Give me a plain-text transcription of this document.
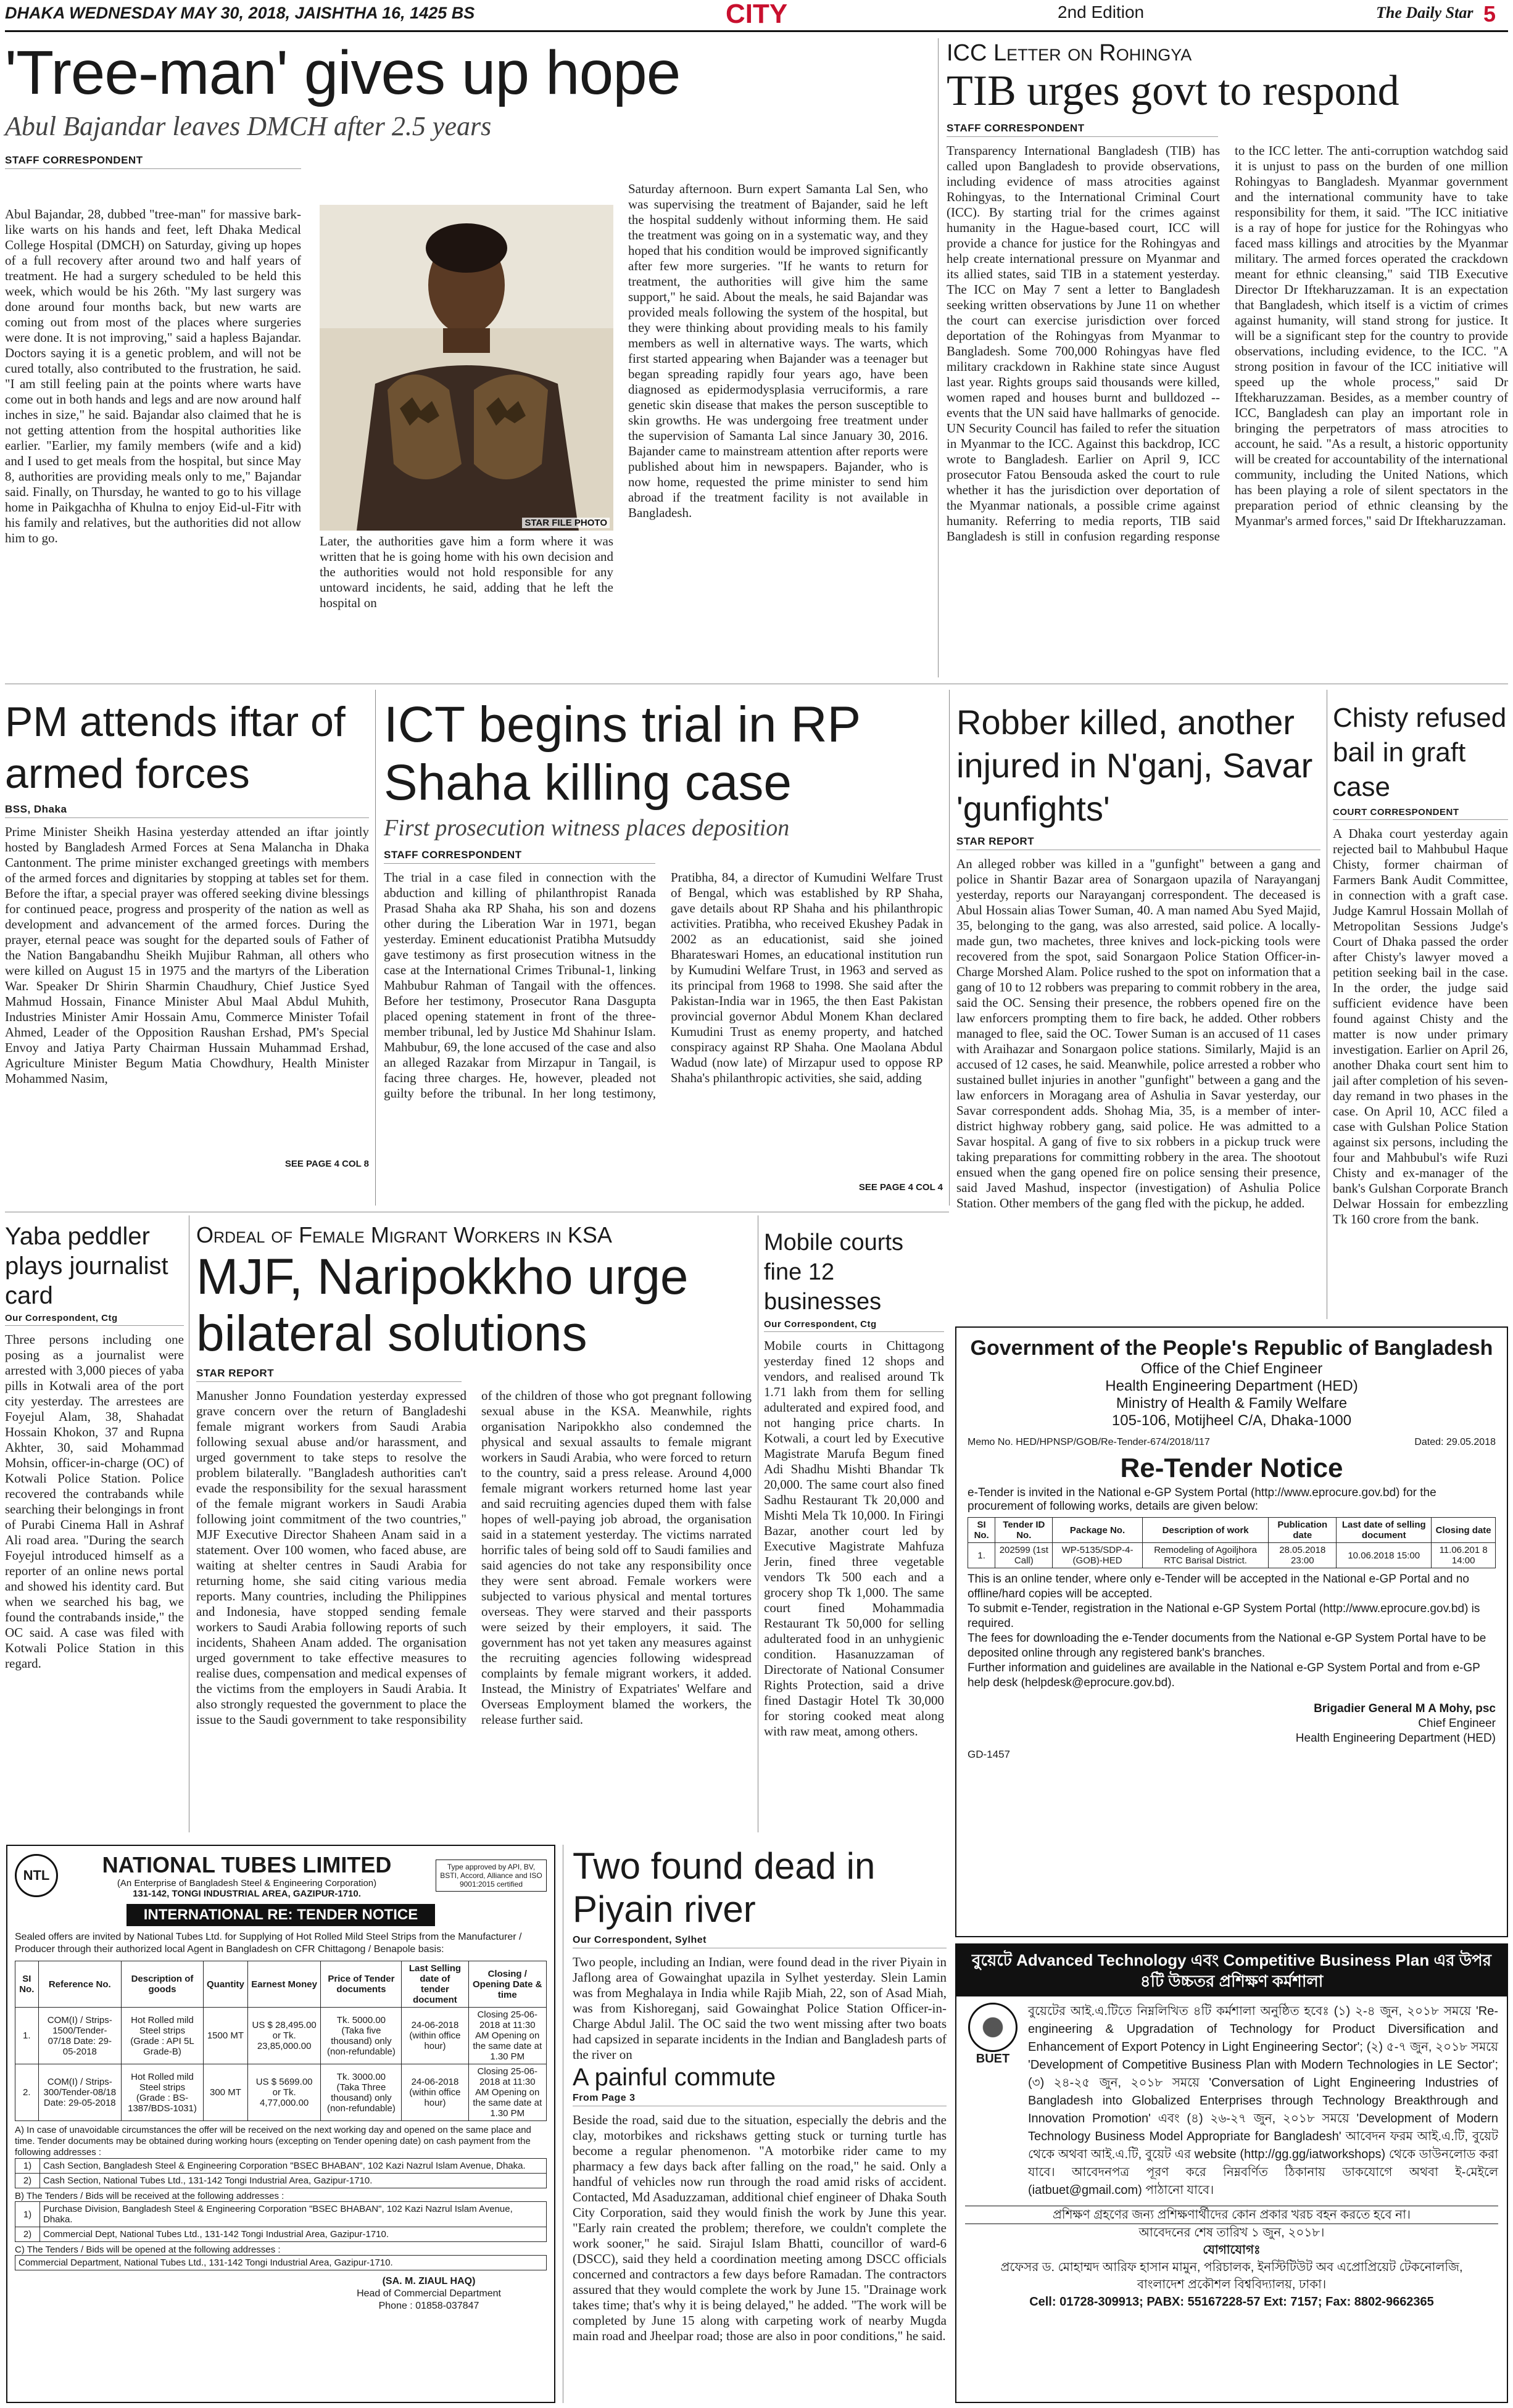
DHAKA WEDNESDAY MAY 30, 2018, JAISHTHA 16, 1425 BS	CITY	2nd Edition	The Daily Star 5
'Tree-man' gives up hope
Abul Bajandar leaves DMCH after 2.5 years
STAFF CORRESPONDENT
Abul Bajandar, 28, dubbed "tree-man" for massive bark-like warts on his hands and feet, left Dhaka Medical College Hospital (DMCH) on Saturday, giving up hopes of a full recovery after around two and half years of treatment. He had a surgery scheduled to be held this week, which would be his 26th. "My last surgery was done around four months back, but new warts are coming out from most of the places where surgeries were done. It is not improving," said a hapless Bajandar. Doctors saying it is a genetic problem, and will not be cured totally, also contributed to the frustration, he said. "I am still feeling pain at the points where warts have come out in both hands and legs and are now around half inches in size," he said. Bajandar also claimed that he is not getting attention from the hospital authorities like earlier. "Earlier, my family members (wife and a kid) and I used to get meals from the hospital, but since May 8, authorities are providing meals only to me," Bajandar said. Finally, on Thursday, he wanted to go to his village home in Paikgachha of Khulna to enjoy Eid-ul-Fitr with his family and relatives, but the authorities did not allow him to go.
STAR FILE PHOTO
Later, the authorities gave him a form where it was written that he is going home with his own decision and the authorities would not hold responsible for any untoward incidents, he said, adding that he left the hospital on
Saturday afternoon. Burn expert Samanta Lal Sen, who was supervising the treatment of Bajander, said he left the hospital suddenly without informing them. He said the treatment was going on in a systematic way, and they hoped that his condition would be improved significantly after few more surgeries. "If he wants to return for treatment, the authorities will give him the same support," he said. About the meals, he said Bajandar was provided meals following the system of the hospital, but they were thinking about providing meals to his family members as well in alternative ways. The warts, which first started appearing when Bajander was a teenager but began spreading rapidly four years ago, have been diagnosed as epidermodysplasia verruciformis, a rare genetic skin disease that makes the person susceptible to skin growths. He was undergoing free treatment under the supervision of Samanta Lal since January 30, 2016. Bajander came to mainstream attention after reports were published about him in newspapers. Bajander, who is now home, requested the prime minister to send him abroad if the treatment facility is not available in Bangladesh.
ICC Letter on Rohingya
TIB urges govt to respond
STAFF CORRESPONDENT
Transparency International Bangladesh (TIB) has called upon Bangladesh to provide observations, including evidence of mass atrocities against Rohingyas, to the International Criminal Court (ICC). By starting trial for the crimes against humanity in the Hague-based court, ICC will provide a chance for justice for the Rohingyas and help create international pressure on Myanmar and its allied states, said TIB in a statement yesterday. The ICC on May 7 sent a letter to Bangladesh seeking written observations by June 11 on whether the court can exercise jurisdiction over forced deportation of the Rohingyas from Myanmar to Bangladesh. Some 700,000 Rohingyas have fled military crackdown in Rakhine state since August last year. Rights groups said thousands were killed, women raped and houses burnt and bulldozed -- events that the UN said have hallmarks of genocide. UN Security Council has failed to refer the situation in Myanmar to the ICC. Against this backdrop, ICC wrote to Bangladesh. Earlier on April 9, ICC prosecutor Fatou Bensouda asked the court to rule whether it has the jurisdiction over deportation of the Myanmar nationals, a possible crime against humanity. Referring to media reports, TIB said Bangladesh is still in confusion regarding response to the ICC letter. The anti-corruption watchdog said it is unjust to pass on the burden of one million Rohingyas to Bangladesh. Myanmar government and the international community have to take responsibility for them, it said. "The ICC initiative is a ray of hope for justice for the Rohingyas who faced mass killings and atrocities by the Myanmar military. The armed forces operated the crackdown meant for ethnic cleansing," said TIB Executive Director Dr Iftekharuzzaman. It is an expectation that Bangladesh, which itself is a victim of crimes against humanity, will stand strong for justice. It will be a significant step for the country to provide observations, including evidence, to the ICC. "A strong position in favour of the ICC initiative will speed up the whole process," said Dr Iftekharuzzaman. Besides, as a member country of ICC, Bangladesh can play an important role in bringing the perpetrators of mass atrocities to account, he said. "As a result, a historic opportunity will be created for accountability of the international community, including the United Nations, which has been playing a role of silent spectators in the preparation period of ethnic cleansing by the Myanmar's armed forces," said Dr Iftekharuzzaman.
PM attends iftar of armed forces
BSS, Dhaka
Prime Minister Sheikh Hasina yesterday attended an iftar jointly hosted by Bangladesh Armed Forces at Sena Malancha in Dhaka Cantonment. The prime minister exchanged greetings with members of the armed forces and dignitaries by stopping at tables set for them. Before the iftar, a special prayer was offered seeking divine blessings for continued peace, progress and prosperity of the nation as well as development and advancement of the armed forces. During the prayer, eternal peace was sought for the departed souls of Father of the Nation Bangabandhu Sheikh Mujibur Rahman, all others who were killed on August 15 in 1975 and the martyrs of the Liberation War. Speaker Dr Shirin Sharmin Chaudhury, Chief Justice Syed Mahmud Hossain, Finance Minister Abul Maal Abdul Muhith, Industries Minister Amir Hossain Amu, Commerce Minister Tofail Ahmed, Leader of the Opposition Raushan Ershad, PM's Special Envoy and Jatiya Party Chairman Hussain Muhammad Ershad, Agriculture Minister Begum Matia Chowdhury, Health Minister Mohammed Nasim,
SEE PAGE 4 COL 8
ICT begins trial in RP Shaha killing case
First prosecution witness places deposition
STAFF CORRESPONDENT
The trial in a case filed in connection with the abduction and killing of philanthropist Ranada Prasad Shaha aka RP Shaha, his son and dozens other during the Liberation War in 1971, began yesterday. Eminent educationist Pratibha Mutsuddy gave testimony as first prosecution witness in the case at the International Crimes Tribunal-1, linking Mahbubur Rahman of Tangail with the offences. Before her testimony, Prosecutor Rana Dasgupta placed opening statement in front of the three-member tribunal, led by Justice Md Shahinur Islam. Mahbubur, 69, the lone accused of the case and also an alleged Razakar from Mirzapur in Tangail, is facing three charges. He, however, pleaded not guilty before the tribunal. In her long testimony, Pratibha, 84, a director of Kumudini Welfare Trust of Bengal, which was established by RP Shaha, gave details about RP Shaha and his philanthropic activities. Pratibha, who received Ekushey Padak in 2002 as an educationist, said she joined Bharateswari Homes, an educational institution run by Kumudini Welfare Trust, in 1963 and served as its principal from 1968 to 1998. She said after the Pakistan-India war in 1965, the then East Pakistan provincial governor Abdul Monem Khan declared Kumudini Trust as enemy property, and hatched conspiracy against RP Shaha. One Maolana Abdul Wadud (now late) of Mirzapur used to oppose RP Shaha's philanthropic activities, she said, adding
SEE PAGE 4 COL 4
Robber killed, another injured in N'ganj, Savar 'gunfights'
STAR REPORT
An alleged robber was killed in a "gunfight" between a gang and police in Shantir Bazar area of Sonargaon upazila of Narayanganj yesterday, reports our Narayanganj correspondent. The deceased is Abul Hossain alias Tower Suman, 40. A man named Abu Syed Majid, 35, belonging to the gang, was also arrested, said police. A locally-made gun, two machetes, three knives and lock-picking tools were recovered from the spot, said Sonargaon Police Station Officer-in-Charge Morshed Alam. Police rushed to the spot on information that a gang of 10 to 12 robbers was preparing to commit robbery in the area, said the OC. Sensing their presence, the robbers opened fire on the law enforcers prompting them to fire back, he added. Other robbers managed to flee, said the OC. Tower Suman is an accused of 11 cases with Araihazar and Sonargaon police stations. Similarly, Majid is an accused of 12 cases, he said. Meanwhile, police arrested a robber who sustained bullet injuries in another "gunfight" between a gang and the law enforcers in Moragang area of Ashulia in Savar yesterday, our Savar correspondent adds. Shohag Mia, 35, is a member of inter-district highway robbery gang, said police. He was admitted to a Savar hospital. A gang of five to six robbers in a pickup truck were taking preparations for committing robbery in the area. The shootout ensued when the gang opened fire on police sensing their presence, said Javed Mashud, inspector (investigation) of Ashulia Police Station. Other members of the gang fled with the pickup, he added.
Chisty refused bail in graft case
COURT CORRESPONDENT
A Dhaka court yesterday again rejected bail to Mahbubul Haque Chisty, former chairman of Farmers Bank Audit Committee, in connection with a graft case. Judge Kamrul Hossain Mollah of Metropolitan Sessions Judge's Court of Dhaka passed the order after Chisty's lawyer moved a petition seeking bail in the case. In the order, the judge said sufficient evidence have been found against Chisty and the matter is now under primary investigation. Earlier on April 26, another Dhaka court sent him to jail after completion of his seven-day remand in two phases in the case. On April 10, ACC filed a case with Gulshan Police Station against six persons, including the four and Mahbubul's wife Ruzi Chisty and ex-manager of the bank's Gulshan Corporate Branch Delwar Hossain for embezzling Tk 160 crore from the bank.
Yaba peddler plays journalist card
Our Correspondent, Ctg
Three persons including one posing as a journalist were arrested with 3,000 pieces of yaba pills in Kotwali area of the port city yesterday. The arrestees are Foyejul Alam, 38, Shahadat Hossain Khokon, 37 and Rupna Akhter, 30, said Mohammad Mohsin, officer-in-charge (OC) of Kotwali Police Station. Police recovered the contrabands while searching their belongings in front of Purabi Cinema Hall in Ashraf Ali road area. "During the search Foyejul introduced himself as a reporter of an online news portal and showed his identity card. But when we searched his bag, we found the contrabands inside," the OC said. A case was filed with Kotwali Police Station in this regard.
Ordeal of Female Migrant Workers in KSA
MJF, Naripokkho urge bilateral solutions
STAR REPORT
Manusher Jonno Foundation yesterday expressed grave concern over the return of Bangladeshi female migrant workers from Saudi Arabia following sexual abuse and/or harassment, and urged government to take steps to resolve the problem bilaterally. "Bangladesh authorities can't evade the responsibility for the sexual harassment of the female migrant workers in Saudi Arabia following joint commitment of the two countries," MJF Executive Director Shaheen Anam said in a statement. Over 100 women, who faced abuse, are waiting at shelter centres in Saudi Arabia for returning home, she said citing various media reports. Many countries, including the Philippines and Indonesia, have stopped sending female workers to Saudi Arabia following reports of such incidents, Shaheen Anam added. The organisation urged government to take effective measures to realise dues, compensation and medical expenses of the victims from the employers in Saudi Arabia. It also strongly requested the government to place the issue to the Saudi government to take responsibility of the children of those who got pregnant following sexual abuse in the KSA. Meanwhile, rights organisation Naripokkho also condemned the physical and sexual assaults to female migrant workers in Saudi Arabia, who were forced to return to the country, said a press release. Around 4,000 female migrant workers returned home last year and said recruiting agencies duped them with false hopes of well-paying job abroad, the organisation said in a statement yesterday. The victims narrated horrific tales of being sold off to Saudi families and said agencies do not take any responsibility once they were sent abroad. Female workers were subjected to various physical and mental tortures overseas. They were starved and their passports were seized by their employers, it said. The government has not yet taken any measures against the recruiting agencies following widespread complaints by female migrant workers, it added. Instead, the Ministry of Expatriates' Welfare and Overseas Employment blamed the workers, the release further said.
Mobile courts fine 12 businesses
Our Correspondent, Ctg
Mobile courts in Chittagong yesterday fined 12 shops and vendors, and realised around Tk 1.71 lakh from them for selling adulterated and expired food, and not hanging price charts. In Kotwali, a court led by Executive Magistrate Marufa Begum fined Adi Shadhu Mishti Bhandar Tk 20,000. The same court also fined Sadhu Restaurant Tk 20,000 and Mishti Mela Tk 10,000. In Firingi Bazar, another court led by Executive Magistrate Mahfuza Jerin, fined three vegetable vendors Tk 500 each and a grocery shop Tk 1,000. The same court fined Mohammadia Restaurant Tk 50,000 for selling adulterated food in an unhygienic condition. Hasanuzzaman of Directorate of National Consumer Rights Protection, said a drive fined Dastagir Hotel Tk 30,000 for storing cooked meat along with raw meat, among others.
Government of the People's Republic of Bangladesh
Office of the Chief Engineer
Health Engineering Department (HED)
Ministry of Health & Family Welfare
105-106, Motijheel C/A, Dhaka-1000
Memo No. HED/HPNSP/GOB/Re-Tender-674/2018/117	Dated: 29.05.2018
Re-Tender Notice
e-Tender is invited in the National e-GP System Portal (http://www.eprocure.gov.bd) for the procurement of following works, details are given below:
SI No.	Tender ID No.	Package No.	Description of work	Publication date	Last date of selling document	Closing date
1.	202599 (1st Call)	WP-5135/SDP-4-(GOB)-HED	Remodeling of Agoiljhora RTC Barisal District.	28.05.2018 23:00	10.06.2018 15:00	11.06.201 8 14:00
This is an online tender, where only e-Tender will be accepted in the National e-GP Portal and no offline/hard copies will be accepted.
To submit e-Tender, registration in the National e-GP System Portal (http://www.eprocure.gov.bd) is required.
The fees for downloading the e-Tender documents from the National e-GP System Portal have to be deposited online through any registered bank's branches.
Further information and guidelines are available in the National e-GP System Portal and from e-GP help desk (helpdesk@eprocure.gov.bd).
Brigadier General M A Mohy, psc
Chief Engineer
Health Engineering Department (HED)
GD-1457
NTL	NATIONAL TUBES LIMITED
(An Enterprise of Bangladesh Steel & Engineering Corporation)
131-142, TONGI INDUSTRIAL AREA, GAZIPUR-1710.
Type approved by API, BV, BSTI, Accord, Alliance and ISO 9001:2015 certified
INTERNATIONAL RE: TENDER NOTICE
Sealed offers are invited by National Tubes Ltd. for Supplying of Hot Rolled Mild Steel Strips from the Manufacturer / Producer through their authorized local Agent in Bangladesh on CFR Chittagong / Benapole basis:
SI No.	Reference No.	Description of goods	Quantity	Earnest Money	Price of Tender documents	Last Selling date of tender document	Closing / Opening Date & time
1.	COM(I) / Strips-1500/Tender-07/18 Date: 29-05-2018	Hot Rolled mild Steel strips (Grade : API 5L Grade-B)	1500 MT	US $ 28,495.00 or Tk. 23,85,000.00	Tk. 5000.00 (Taka five thousand) only (non-refundable)	24-06-2018 (within office hour)	Closing 25-06-2018 at 11:30 AM Opening on the same date at 1.30 PM
2.	COM(I) / Strips-300/Tender-08/18 Date: 29-05-2018	Hot Rolled mild Steel strips (Grade : BS-1387/BDS-1031)	300 MT	US $ 5699.00 or Tk. 4,77,000.00	Tk. 3000.00 (Taka Three thousand) only (non-refundable)	24-06-2018 (within office hour)	Closing 25-06-2018 at 11:30 AM Opening on the same date at 1.30 PM
A) In case of unavoidable circumstances the offer will be received on the next working day and opened on the same place and time. Tender documents may be obtained during working hours (excepting on Tender opening date) on cash payment from the following addresses :
1)	Cash Section, Bangladesh Steel & Engineering Corporation "BSEC BHABAN", 102 Kazi Nazrul Islam Avenue, Dhaka.
2)	Cash Section, National Tubes Ltd., 131-142 Tongi Industrial Area, Gazipur-1710.
B) The Tenders / Bids will be received at the following addresses :
1)	Purchase Division, Bangladesh Steel & Engineering Corporation "BSEC BHABAN", 102 Kazi Nazrul Islam Avenue, Dhaka.
2)	Commercial Dept, National Tubes Ltd., 131-142 Tongi Industrial Area, Gazipur-1710.
C) The Tenders / Bids will be opened at the following addresses :
Commercial Department, National Tubes Ltd., 131-142 Tongi Industrial Area, Gazipur-1710.
(SA. M. ZIAUL HAQ)
Head of Commercial Department
Phone : 01858-037847
Two found dead in Piyain river
Our Correspondent, Sylhet
Two people, including an Indian, were found dead in the river Piyain in Jaflong area of Gowainghat upazila in Sylhet yesterday. Slein Lamin was from Meghalaya in India while Rajib Miah, 22, son of Asad Miah, was from Kishoreganj, said Gowainghat Police Station Officer-in-Charge Abdul Jalil. The OC said the two went missing after two boats had capsized in separate incidents in the Indian and Bangladesh parts of the river on
A painful commute
From Page 3
Beside the road, said due to the situation, especially the debris and the clay, motorbikes and rickshaws getting stuck or turning turtle has become a regular phenomenon. "A motorbike rider came to my pharmacy a few days back after falling on the road," he said. Only a handful of vehicles now run through the road amid risks of accident. Contacted, Md Asaduzzaman, additional chief engineer of Dhaka South City Corporation, said they would finish the work by June this year. "Early rain created the problem; therefore, we couldn't complete the work sooner," he said. Sirajul Islam Bhatti, councillor of ward-6 (DSCC), said they held a coordination meeting among DSCC officials concerned and contractors a few days before Ramadan. The contractors assured that they would complete the work by June 15. "Drainage work takes time; that's why it is being delayed," he added. "The work will be completed by June 15 along with carpeting work of nearby Mugda main road and Jheelpar road; those are also in poor conditions," he said.
বুয়েটে Advanced Technology এবং Competitive Business Plan এর উপর ৪টি উচ্চতর প্রশিক্ষণ কর্মশালা
BUET
বুয়েটের আই.এ.টিতে নিম্নলিখিত ৪টি কর্মশালা অনুষ্ঠিত হবেঃ (১) ২-৪ জুন, ২০১৮ সময়ে 'Re-engineering & Upgradation of Technology for Product Diversification and Enhancement of Export Potency in Light Engineering Sector'; (২) ৫-৭ জুন, ২০১৮ সময়ে 'Development of Competitive Business Plan with Modern Technologies in LE Sector'; (৩) ২৪-২৫ জুন, ২০১৮ সময়ে 'Conversation of Light Engineering Industries of Bangladesh into Globalized Enterprises through Technology Breakthrough and Innovation Promotion' এবং (৪) ২৬-২৭ জুন, ২০১৮ সময়ে 'Development of Modern Technology Business Model Appropriate for Bangladesh' আবেদন ফরম আই.এ.টি, বুয়েট থেকে অথবা আই.এ.টি, বুয়েট এর website (http://gg.gg/iatworkshops) থেকে ডাউনলোড করা যাবে। আবেদনপত্র পূরণ করে নিম্নবর্ণিত ঠিকানায় ডাকযোগে অথবা ই-মেইলে (iatbuet@gmail.com) পাঠানো যাবে।
প্রশিক্ষণ গ্রহণের জন্য প্রশিক্ষণার্থীদের কোন প্রকার খরচ বহন করতে হবে না।
আবেদনের শেষ তারিখ ১ জুন, ২০১৮।
যোগাযোগঃ
প্রফেসর ড. মোহাম্মদ আরিফ হাসান মামুন, পরিচালক, ইনস্টিটিউট অব এপ্রোপ্রিয়েট টেকনোলজি,
বাংলাদেশ প্রকৌশল বিশ্ববিদ্যালয়, ঢাকা।
Cell: 01728-309913; PABX: 55167228-57 Ext: 7157; Fax: 8802-9662365
